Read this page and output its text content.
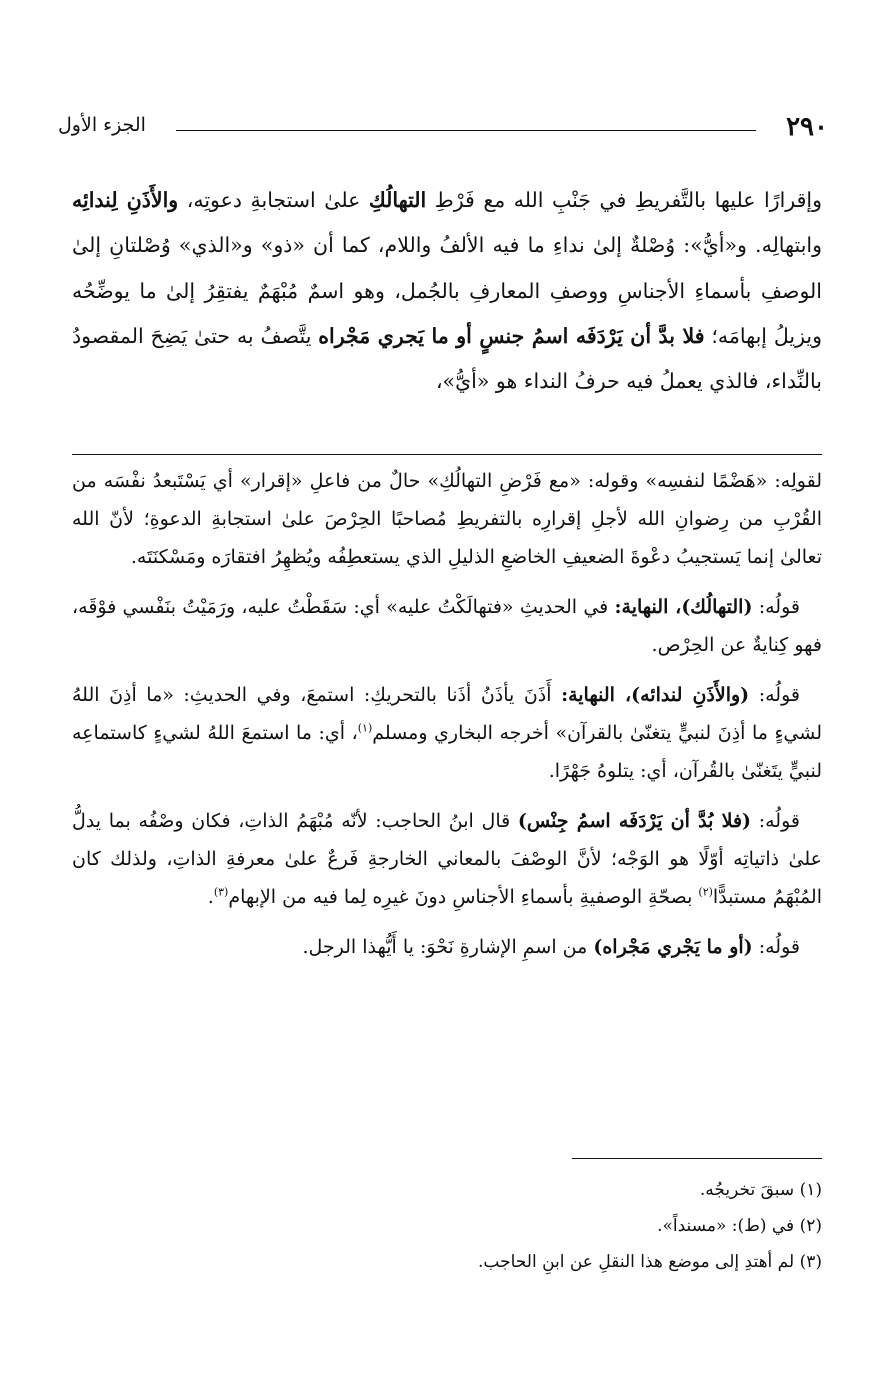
٢٩٠
الجزء الأول

وإقرارًا عليها بالتَّفريطِ في جَنْبِ الله مع فَرْطِ التهالُكِ علىٰ استجابةِ دعوتِه، والأَذَنِ لِندائِه وابتهالِه. و«أيُّ»: وُصْلةٌ إلىٰ نداءِ ما فيه الألفُ واللام، كما أن «ذو» و«الذي» وُصْلتانِ إلىٰ الوصفِ بأسماءِ الأجناسِ ووصفِ المعارفِ بالجُمل، وهو اسمٌ مُبْهَمٌ يفتقِرُ إلىٰ ما يوضِّحُه ويزيلُ إبهامَه؛ فلا بدَّ أن يَرْدَفَه اسمُ جنسٍ أو ما يَجري مَجْراه يتَّصفُ به حتىٰ يَضِحَ المقصودُ بالنِّداء، فالذي يعملُ فيه حرفُ النداء هو «أيُّ»،

لقولِه: «هَضْمًا لنفسِه» وقوله: «مع فَرْضِ التهالُكِ» حالٌ من فاعلِ «إقرار» أي يَسْتَبعدُ نفْسَه من القُرْبِ من رِضوانِ الله لأجلِ إقرارِه بالتفريطِ مُصاحبًا الحِرْصَ علىٰ استجابةِ الدعوةِ؛ لأنّ الله تعالىٰ إنما يَستجيبُ دعْوةَ الضعيفِ الخاضعِ الذليلِ الذي يستعطِفُه ويُظهِرُ افتقارَه ومَسْكنَتَه.

قولُه: (التهالُك)، النهاية: في الحديثِ «فتهالَكْتُ عليه» أي: سَقَطْتُ عليه، ورَمَيْتُ بنَفْسي فوْقَه، فهو كِنايةٌ عن الحِرْص.

قولُه: (والأَذَنِ لندائه)، النهاية: أَذَنَ يأذَنُ أذَنا بالتحريكِ: استمعَ، وفي الحديثِ: «ما أذِنَ اللهُ لشيءٍ ما أذِنَ لنبيٍّ يتغنّىٰ بالقرآن» أخرجه البخاري ومسلم$^{(١)}$، أي: ما استمعَ اللهُ لشيءٍ كاستماعِه لنبيٍّ يتَغنّىٰ بالقُرآن، أي: يتلوهُ جَهْرًا.

قولُه: (فلا بُدَّ أن يَرْدَفَه اسمُ جِنْس) قال ابنُ الحاجب: لأنّه مُبْهَمُ الذاتِ، فكان وصْفُه بما يدلُّ علىٰ ذاتياتِه أوّلًا هو الوَجْه؛ لأنَّ الوصْفَ بالمعاني الخارجةِ فَرعٌ علىٰ معرفةِ الذاتِ، ولذلك كان المُبْهَمُ مستبدًّا$^{(٢)}$ بصحّةِ الوصفيةِ بأسماءِ الأجناسِ دونَ غيرِه لِما فيه من الإبهام$^{(٣)}$.

قولُه: (أو ما يَجْري مَجْراه) من اسمِ الإشارةِ نَحْوَ: يا أَيُّهذا الرجل.

(١) سبقَ تخريجُه.

(٢) في (ط): «مسنداً».

(٣) لم أهتدِ إلى موضع هذا النقلِ عن ابنِ الحاجب.
